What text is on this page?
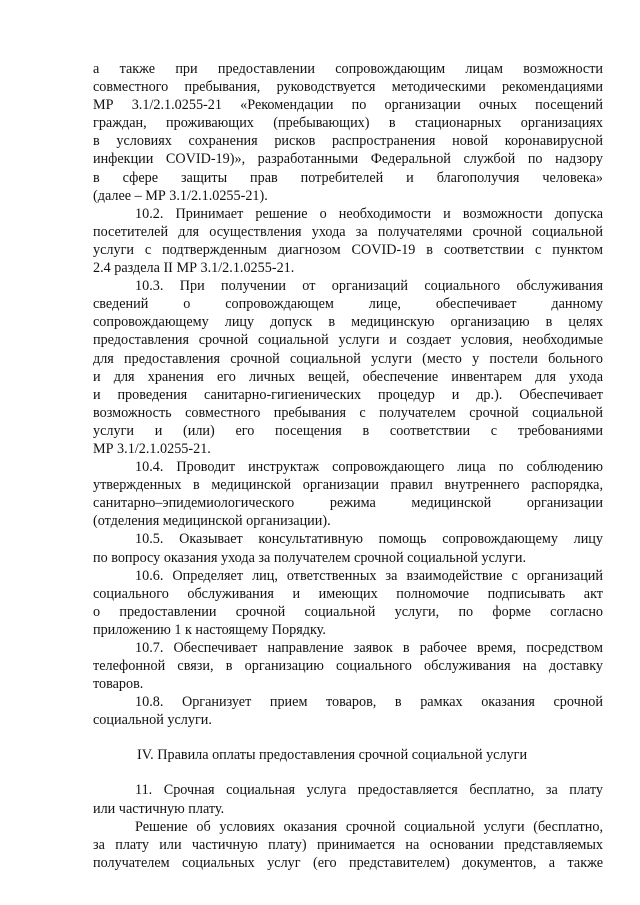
а также при предоставлении сопровождающим лицам возможности
совместного пребывания, руководствуется методическими рекомендациями
МР 3.1/2.1.0255-21 «Рекомендации по организации очных посещений
граждан, проживающих (пребывающих) в стационарных организациях
в условиях сохранения рисков распространения новой коронавирусной
инфекции COVID-19)», разработанными Федеральной службой по надзору
в сфере защиты прав потребителей и благополучия человека»
(далее – МР 3.1/2.1.0255-21).

10.2. Принимает решение о необходимости и возможности допуска
посетителей для осуществления ухода за получателями срочной социальной
услуги с подтвержденным диагнозом COVID-19 в соответствии с пунктом
2.4 раздела II МР 3.1/2.1.0255-21.

10.3. При получении от организаций социального обслуживания
сведений о сопровождающем лице, обеспечивает данному
сопровождающему лицу допуск в медицинскую организацию в целях
предоставления срочной социальной услуги и создает условия, необходимые
для предоставления срочной социальной услуги (место у постели больного
и для хранения его личных вещей, обеспечение инвентарем для ухода
и проведения санитарно-гигиенических процедур и др.). Обеспечивает
возможность совместного пребывания с получателем срочной социальной
услуги и (или) его посещения в соответствии с требованиями
МР 3.1/2.1.0255-21.

10.4. Проводит инструктаж сопровождающего лица по соблюдению
утвержденных в медицинской организации правил внутреннего распорядка,
санитарно–эпидемиологического режима медицинской организации
(отделения медицинской организации).

10.5. Оказывает консультативную помощь сопровождающему лицу
по вопросу оказания ухода за получателем срочной социальной услуги.

10.6. Определяет лиц, ответственных за взаимодействие с организаций
социального обслуживания и имеющих полномочие подписывать акт
о предоставлении срочной социальной услуги, по форме согласно
приложению 1 к настоящему Порядку.

10.7. Обеспечивает направление заявок в рабочее время, посредством
телефонной связи, в организацию социального обслуживания на доставку
товаров.

10.8. Организует прием товаров, в рамках оказания срочной
социальной услуги.

IV. Правила оплаты предоставления срочной социальной услуги

11. Срочная социальная услуга предоставляется бесплатно, за плату
или частичную плату.

Решение об условиях оказания срочной социальной услуги (бесплатно,
за плату или частичную плату) принимается на основании представляемых
получателем социальных услуг (его представителем) документов, а также
